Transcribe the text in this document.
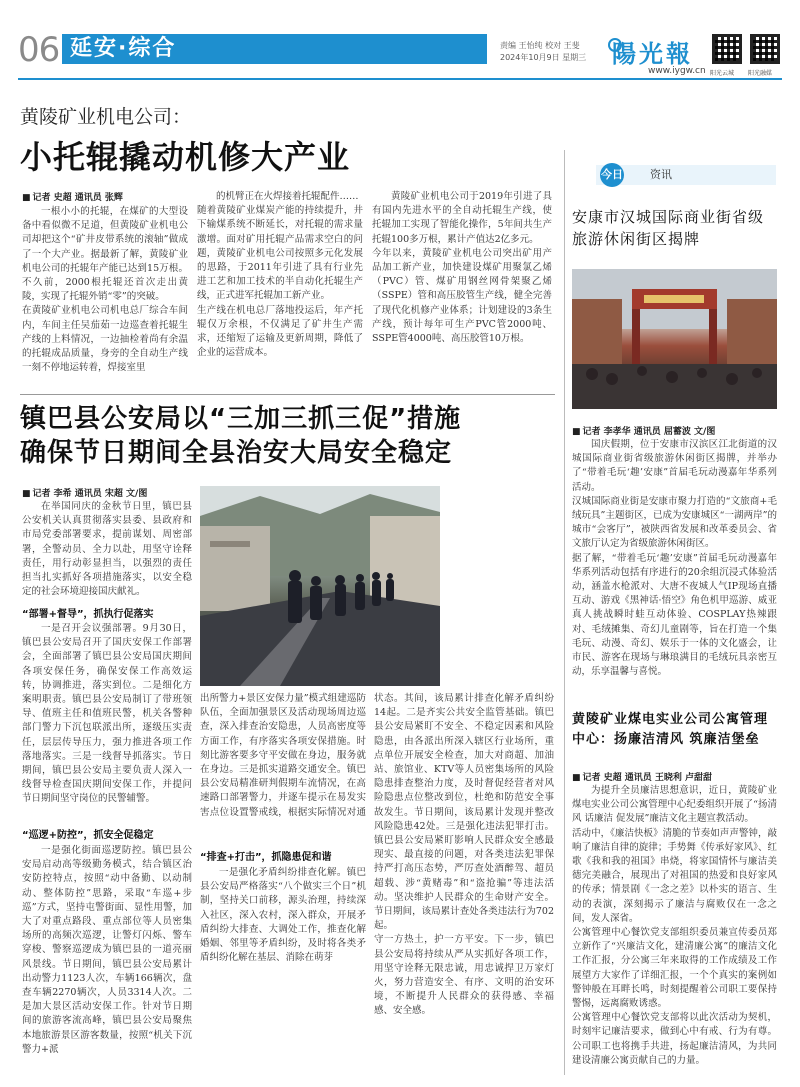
06 延安·综合	责编 王怡纯 校对 王斐
2024年10月9日 星期三 陽光報
www.iygw.cn 阳光云城 阳光融媒
黄陵矿业机电公司：
小托辊撬动机修大产业
■ 记者 史超 通讯员 张辉
一根小小的托辊，在煤矿的大型设备中看似微不足道，但黄陵矿业机电公司却把这个“矿井皮带系统的滚轴”做成了一个大产业。据最新了解，黄陵矿业机电公司的托辊年产能已达到15万根。不久前，2000根托辊还首次走出黄陵，实现了托辊外销“零”的突破。
在黄陵矿业机电公司机电总厂综合车间内，车间主任吴茄茹一边巡查着托辊生产线的上料情况，一边抽检着尚有余温的托辊成品质量，身旁的全自动生产线一刻不停地运转着，焊接室里
的机臂正在火焊接着托辊配件……
随着黄陵矿业煤炭产能的持续提升，井下输煤系统不断延长，对托辊的需求量激增。面对矿用托辊产品需求空白的问题，黄陵矿业机电公司按照多元化发展的思路，于2011年引进了具有行业先进工艺和加工技术的半自动化托辊生产线，正式进军托辊加工新产业。
生产线在机电总厂落地投运后，年产托辊仅万余根，不仅满足了矿井生产需求，还缩短了运输及更新周期，降低了企业的运营成本。
黄陵矿业机电公司于2019年引进了具有国内先进水平的全自动托辊生产线，使托辊加工实现了智能化操作，5年间共生产托辊100多万根，累计产值达2亿多元。
今年以来，黄陵矿业机电公司突出矿用产品加工新产业，加快建设煤矿用聚氯乙烯（PVC）管、煤矿用钢丝网骨架聚乙烯（SSPE）管和高压胶管生产线，健全完善了现代化机修产业体系；计划建设的3条生产线，预计每年可生产PVC管2000吨、SSPE管4000吨、高压胶管10万根。
镇巴县公安局以“三加三抓三促”措施
确保节日期间全县治安大局安全稳定
■ 记者 李希 通讯员 宋超 文/图
在举国同庆的金秋节日里，镇巴县公安机关认真贯彻落实县委、县政府和市局党委部署要求，提前谋划、周密部署，全警动员、全力以赴，用坚守诠释责任，用行动彰显担当，以强烈的责任担当扎实抓好各项措施落实，以安全稳定的社会环境迎接国庆献礼。
“部署+督导”，抓执行促落实
一是召开会议强部署。9月30日，镇巴县公安局召开了国庆安保工作部署会，全面部署了镇巴县公安局国庆期间各项安保任务，确保安保工作高效运转，协调推进，落实到位。二是细化方案明职责。镇巴县公安局制订了带班领导、值班主任和值班民警，机关各警种部门警力下沉包联派出所，逐级压实责任，层层传导压力，强力推进各项工作落地落实。三是一线督导抓落实。节日期间，镇巴县公安局主要负责人深入一线督导检查国庆期间安保工作，并提问节日期间坚守岗位的民警辅警。
“巡逻+防控”，抓安全促稳定
一是强化街面巡逻防控。镇巴县公安局启动高等级勤务模式，结合镇区治安防控特点，按照“动中备勤、以动制动、整体防控”思路，采取“车巡+步巡”方式，坚持屯警街面、显性用警，加大了对重点路段、重点部位等人员密集场所的高频次巡逻，让警灯闪烁、警车穿梭、警察巡逻成为镇巴县的一道亮丽风景线。节日期间，镇巴县公安局累计出动警力1123人次，车辆166辆次，盘查车辆2270辆次，人员3314人次。二是加大景区活动安保工作。针对节日期间的旅游客流高峰，镇巴县公安局聚焦本地旅游景区游客数量，按照“机关下沉警力+派
出所警力+景区安保力量”模式组建巡防队伍，全面加强景区及活动现场周边巡查，深入排查治安隐患，人员高密度等方面工作，有序落实各项安保措施。时刻比游客要多守平安做在身边，服务就在身边。三是抓实道路交通安全。镇巴县公安局精准研判假期车流情况，在高速路口部署警力，并逐车提示在易发实害点位设置警戒线，根据实际情况对通
“排查+打击”，抓隐患促和谐
一是强化矛盾纠纷排查化解。镇巴县公安局严格落实“八个做实三个日”机制，坚持关口前移，源头治理，持续深入社区，深入农村，深入群众，开展矛盾纠纷大排查、大调处工作，推查化解婚姻、邻里等矛盾纠纷，及时将各类矛盾纠纷化解在基层、消除在萌芽
状态。其间，该局累计排查化解矛盾纠纷14起。二是齐实公共安全监管基础。镇巴县公安局紧盯不安全、不稳定因素和风险隐患，由各派出所深入辖区行业场所，重点单位开展安全检查，加大对商超、加油站、旅馆业、KTV等人员密集场所的风险隐患排查整治力度，及时督促经营者对风险隐患点位整改到位，杜绝和防范安全事故发生。节日期间，该局累计发现并整改风险隐患42处。三是强化违法犯罪打击。镇巴县公安局紧盯影响人民群众安全感最现实、最直接的问题，对各类违法犯罪保持严打高压态势，严厉查处酒醉驾、超员超载、涉“黄赌毒”和“盗抢骗”等违法活动。坚决维护人民群众的生命财产安全。节日期间，该局累计查处各类违法行为702起。
守一方热土，护一方平安。下一步，镇巴县公安局将持续从严从实抓好各项工作，用坚守诠释无限忠诚，用忠诚捍卫万家灯火，努力营造安全、有序、文明的治安环境，不断提升人民群众的获得感、幸福感、安全感。
今日 资讯
安康市汉城国际商业街省级旅游休闲街区揭牌
■ 记者 李孝华 通讯员 屈蓄波 文/图
国庆假期，位于安康市汉滨区江北街道的汉城国际商业街省级旅游休闲街区揭牌，并举办了“带着毛玩‘趣’安康”首届毛玩动漫嘉年华系列活动。
汉城国际商业街是安康市聚力打造的“文旅商+毛绒玩具”主题街区，已成为安康城区“一湖两岸”的城市“会客厅”，被陕西省发展和改革委员会、省文旅厅认定为省级旅游休闲街区。
据了解，“带着毛玩‘趣’安康”首届毛玩动漫嘉年华系列活动包括有序进行的20余组沉浸式体验活动，涵盖水枪派对、大唐不夜城人气IP现场直播互动、游戏《黑神话·悟空》角色机甲巡游、威亚真人挑战瞬时蛙互动体验、COSPLAY热辣跟对、毛绒摊集、奇幻儿童剧等，旨在打造一个集毛玩、动漫、奇幻、娱乐于一体的文化盛会，让市民、游客在现场与琳琅满目的毛绒玩具亲密互动，乐享温馨与喜悦。
黄陵矿业煤电实业公司公寓管理中心：扬廉洁清风 筑廉洁堡垒
■ 记者 史超 通讯员 王晓利 卢甜甜
为提升全员廉洁思想意识，近日，黄陵矿业煤电实业公司公寓管理中心纪委组织开展了“扬清风 话廉洁 促发展”廉洁文化主题宣教活动。
活动中，《廉洁快板》清脆的节奏如声声警钟，敲响了廉洁自律的旋律；手势舞《传承好家风》、红歌《我和我的祖国》串烧，将家国情怀与廉洁美德完美融合，展现出了对祖国的热爱和良好家风的传承；情景剧《一念之差》以朴实的语言、生动的表演，深刻揭示了廉洁与腐败仅在一念之间，发人深省。
公寓管理中心餐饮党支部组织委员兼宣传委员郑立新作了“兴廉洁文化，建清廉公寓”的廉洁文化工作汇报，分公寓三年来取得的工作成绩及工作展望方大家作了详细汇报，一个个真实的案例如警钟般在耳畔长鸣，时刻提醒着公司职工要保持警惕，远离腐败诱惑。
公寓管理中心餐饮党支部将以此次活动为契机，时刻牢记廉洁要求，做到心中有戒、行为有尊。公司职工也将携手共进，扬起廉洁清风，为共同建设清廉公寓贡献自己的力量。
